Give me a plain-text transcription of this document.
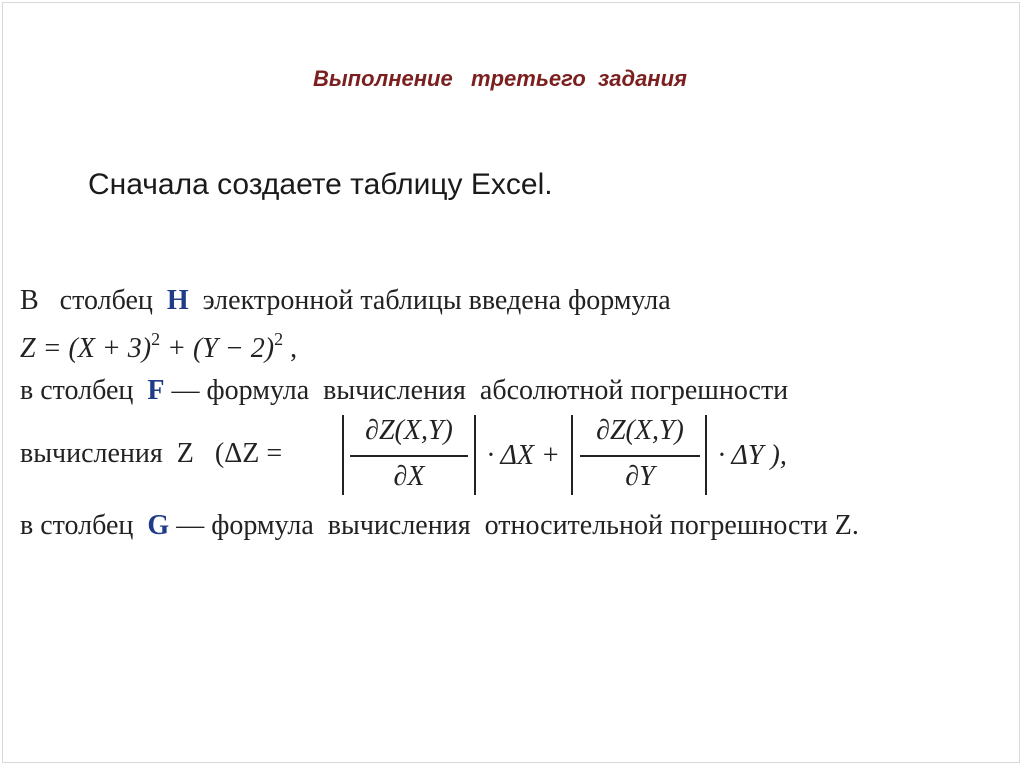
Выполнение   третьего  задания
Сначала создаете таблицу Excel.
В   столбец  H  электронной таблицы введена формула
$Z = (X + 3)^2 + (Y - 2)^2$ ,
в столбец  F — формула  вычисления  абсолютной погрешности
вычисления  Z   (ΔZ =
∂Z(X,Y)
∂X
· ΔX +
∂Z(X,Y)
∂Y
· ΔY ),
в столбец  G — формула  вычисления  относительной погрешности Z.
